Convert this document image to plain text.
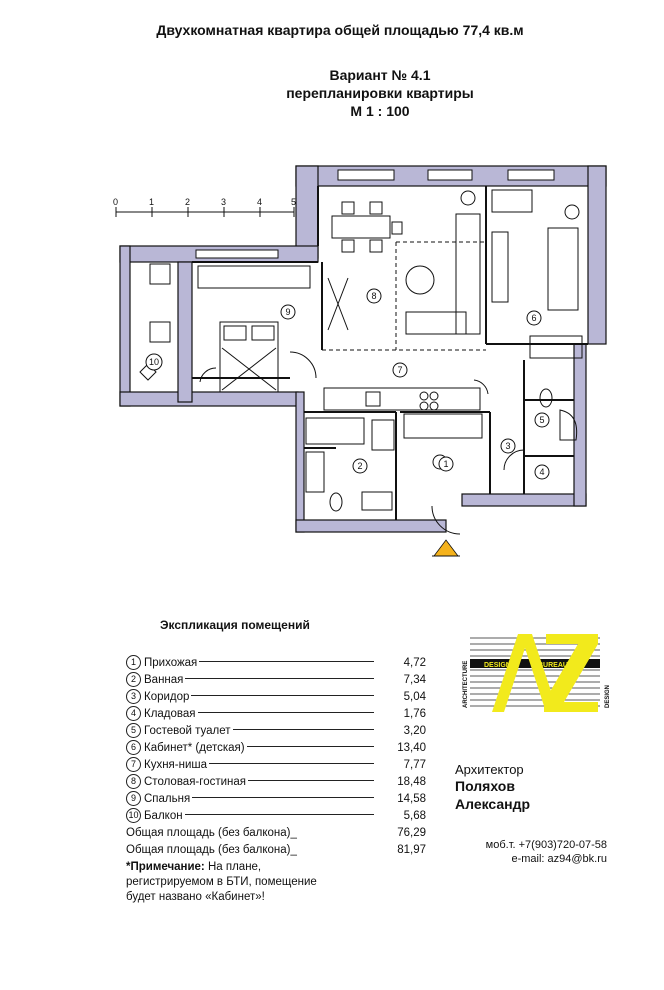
Двухкомнатная квартира общей площадью 77,4 кв.м
Вариант № 4.1
перепланировки квартиры
М 1 : 100
0	1	2	3	4	5
1
2
3
4
5
6
7
8
9
10
Экспликация помещений
1 Прихожая	4,72
2 Ванная	7,34
3 Коридор	5,04
4 Кладовая	1,76
5 Гостевой туалет	3,20
6 Кабинет* (детская)	13,40
7 Кухня-ниша	7,77
8 Столовая-гостиная	18,48
9 Спальня	14,58
10 Балкон	5,68
Общая площадь (без балкона)_	76,29
Общая площадь (без балкона)_	81,97
*Примечание: На плане,
регистрируемом в БТИ, помещение
будет названо «Кабинет»!
DESIGN	BUREAU
ARCHITECTURE	DESIGN
Архитектор
Поляхов
Александр
моб.т. +7(903)720-07-58
e-mail: az94@bk.ru
